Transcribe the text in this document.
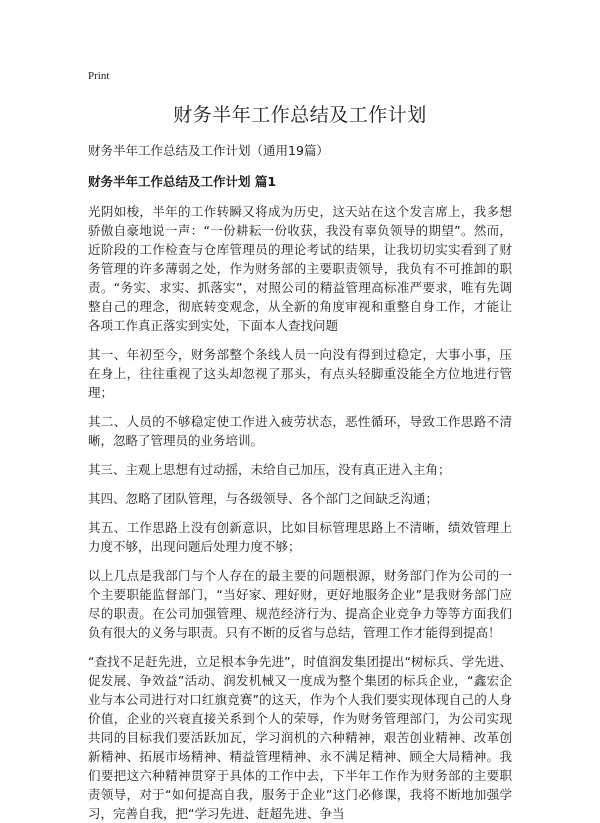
Print
财务半年工作总结及工作计划
财务半年工作总结及工作计划（通用19篇）
财务半年工作总结及工作计划 篇1

光阴如梭，半年的工作转瞬又将成为历史，这天站在这个发言席上，我多想骄傲自豪地说一声：“一份耕耘一份收获，我没有辜负领导的期望”。然而，近阶段的工作检查与仓库管理员的理论考试的结果，让我切切实实看到了财务管理的许多薄弱之处，作为财务部的主要职责领导，我负有不可推卸的职责。“务实、求实、抓落实”，对照公司的精益管理高标准严要求，唯有先调整自己的理念，彻底转变观念，从全新的角度审视和重整自身工作，才能让各项工作真正落实到实处，下面本人查找问题

其一、年初至今，财务部整个条线人员一向没有得到过稳定，大事小事，压在身上，往往重视了这头却忽视了那头，有点头轻脚重没能全方位地进行管理；

其二、人员的不够稳定使工作进入疲劳状态，恶性循环，导致工作思路不清晰，忽略了管理员的业务培训。

其三、主观上思想有过动摇，未给自己加压，没有真正进入主角；

其四、忽略了团队管理，与各级领导、各个部门之间缺乏沟通；

其五、工作思路上没有创新意识，比如目标管理思路上不清晰，绩效管理上力度不够，出现问题后处理力度不够；

以上几点是我部门与个人存在的最主要的问题根源，财务部门作为公司的一个主要职能监督部门，“当好家、理好财，更好地服务企业”是我财务部门应尽的职责。在公司加强管理、规范经济行为、提高企业竞争力等等方面我们负有很大的义务与职责。只有不断的反省与总结，管理工作才能得到提高！

“查找不足赶先进，立足根本争先进”，时值润发集团提出“树标兵、学先进、促发展、争效益”活动、润发机械又一度成为整个集团的标兵企业，“鑫宏企业与本公司进行对口红旗竞赛”的这天，作为个人我们要实现体现自己的人身价值，企业的兴衰直接关系到个人的荣辱，作为财务管理部门，为公司实现共同的目标我们要活跃加瓦，学习润机的六种精神，艰苦创业精神、改革创新精神、拓展市场精神、精益管理精神、永不满足精神、顾全大局精神。我们要把这六种精神贯穿于具体的工作中去，下半年工作作为财务部的主要职责领导，对于“如何提高自我，服务于企业”这门必修课，我将不断地加强学习，完善自我，把“学习先进、赶超先进、争当
